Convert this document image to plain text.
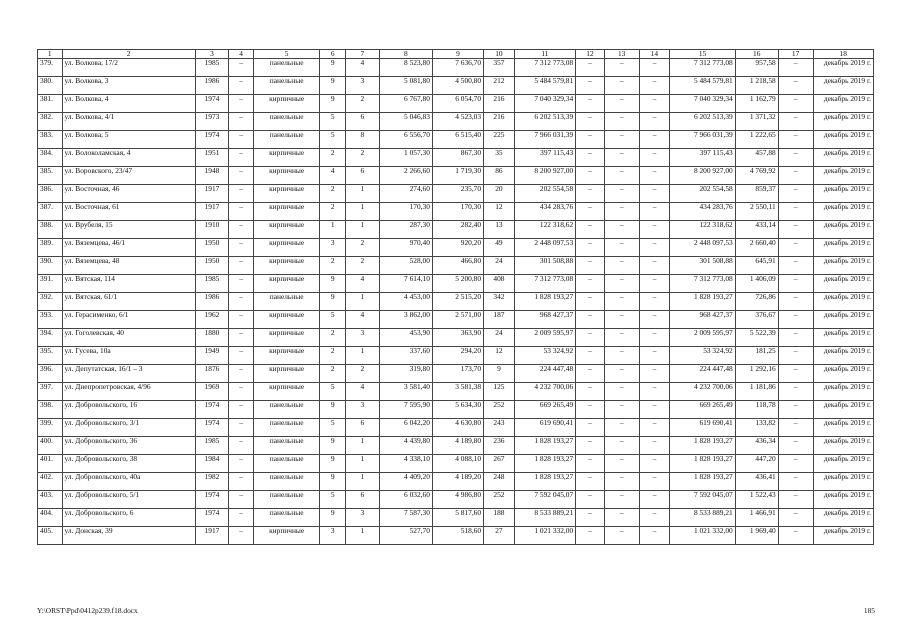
1	2	3	4	5	6	7	8	9	10	11	12	13	14	15	16	17	18
379.	ул. Волкова, 17/2	1985	–	панельные	9	4	8 523,80	7 636,70	357	7 312 773,08	–	–	–	7 312 773,08	957,58	–	декабрь 2019 г.
380.	ул. Волкова, 3	1986	–	панельные	9	3	5 081,80	4 500,80	212	5 484 579,81	–	–	–	5 484 579,81	1 218,58	–	декабрь 2019 г.
381.	ул. Волкова, 4	1974	–	кирпичные	9	2	6 767,80	6 054,70	216	7 040 329,34	–	–	–	7 040 329,34	1 162,79	–	декабрь 2019 г.
382.	ул. Волкова, 4/1	1973	–	панельные	5	6	5 046,83	4 523,03	216	6 202 513,39	–	–	–	6 202 513,39	1 371,32	–	декабрь 2019 г.
383.	ул. Волкова, 5	1974	–	панельные	5	8	6 556,70	6 515,40	225	7 966 031,39	–	–	–	7 966 031,39	1 222,65	–	декабрь 2019 г.
384.	ул. Волоколамская, 4	1951	–	кирпичные	2	2	1 057,30	867,30	35	397 115,43	–	–	–	397 115,43	457,88	–	декабрь 2019 г.
385.	ул. Воровского, 23/47	1948	–	кирпичные	4	6	2 266,60	1 719,30	86	8 200 927,00	–	–	–	8 200 927,00	4 769,92	–	декабрь 2019 г.
386.	ул. Восточная, 46	1917	–	кирпичные	2	1	274,60	235,70	20	202 554,58	–	–	–	202 554,58	859,37	–	декабрь 2019 г.
387.	ул. Восточная, 61	1917	–	кирпичные	2	1	170,30	170,30	12	434 283,76	–	–	–	434 283,76	2 550,11	–	декабрь 2019 г.
388.	ул. Врубеля, 15	1910	–	кирпичные	1	1	287,30	282,40	13	122 318,62	–	–	–	122 318,62	433,14	–	декабрь 2019 г.
389.	ул. Вяземцева, 46/1	1950	–	кирпичные	3	2	970,40	920,20	49	2 448 097,53	–	–	–	2 448 097,53	2 660,40	–	декабрь 2019 г.
390.	ул. Вяземцева, 48	1950	–	кирпичные	2	2	528,00	466,80	24	301 508,88	–	–	–	301 508,88	645,91	–	декабрь 2019 г.
391.	ул. Вятская, 114	1985	–	кирпичные	9	4	7 614,10	5 200,80	408	7 312 773,08	–	–	–	7 312 773,08	1 406,09	–	декабрь 2019 г.
392.	ул. Вятская, 61/1	1986	–	панельные	9	1	4 453,00	2 515,20	342	1 828 193,27	–	–	–	1 828 193,27	726,86	–	декабрь 2019 г.
393.	ул. Герасименко, 6/1	1962	–	кирпичные	5	4	3 862,00	2 571,00	187	968 427,37	–	–	–	968 427,37	376,67	–	декабрь 2019 г.
394.	ул. Гоголевская, 40	1880	–	кирпичные	2	3	453,90	363,90	24	2 009 595,97	–	–	–	2 009 595,97	5 522,39	–	декабрь 2019 г.
395.	ул. Гусева, 10а	1949	–	кирпичные	2	1	337,60	294,20	12	53 324,92	–	–	–	53 324,92	181,25	–	декабрь 2019 г.
396.	ул. Депутатская, 16/1 – 3	1876	–	кирпичные	2	2	319,80	173,70	9	224 447,48	–	–	–	224 447,48	1 292,16	–	декабрь 2019 г.
397.	ул. Днепропетровская, 4/96	1969	–	кирпичные	5	4	3 581,40	3 581,38	125	4 232 700,06	–	–	–	4 232 700,06	1 181,86	–	декабрь 2019 г.
398.	ул. Добровольского, 16	1974	–	панельные	9	3	7 595,90	5 634,30	252	669 265,49	–	–	–	669 265,49	118,78	–	декабрь 2019 г.
399.	ул. Добровольского, 3/1	1974	–	панельные	5	6	6 042,20	4 630,80	243	619 690,41	–	–	–	619 690,41	133,82	–	декабрь 2019 г.
400.	ул. Добровольского, 36	1985	–	панельные	9	1	4 439,80	4 189,80	236	1 828 193,27	–	–	–	1 828 193,27	436,34	–	декабрь 2019 г.
401.	ул. Добровольского, 38	1984	–	панельные	9	1	4 338,10	4 088,10	267	1 828 193,27	–	–	–	1 828 193,27	447,20	–	декабрь 2019 г.
402.	ул. Добровольского, 40а	1982	–	панельные	9	1	4 409,20	4 189,20	248	1 828 193,27	–	–	–	1 828 193,27	436,41	–	декабрь 2019 г.
403.	ул. Добровольского, 5/1	1974	–	панельные	5	6	6 032,60	4 986,80	252	7 592 045,07	–	–	–	7 592 045,07	1 522,43	–	декабрь 2019 г.
404.	ул. Добровольского, 6	1974	–	панельные	9	3	7 587,30	5 817,60	188	8 533 889,21	–	–	–	8 533 889,21	1 466,91	–	декабрь 2019 г.
405.	ул. Донская, 39	1917	–	кирпичные	3	1	527,70	518,60	27	1 021 332,00	–	–	–	1 021 332,00	1 969,40	–	декабрь 2019 г.
Y:\ORST\Ppd\0412p239.f18.docx	185
